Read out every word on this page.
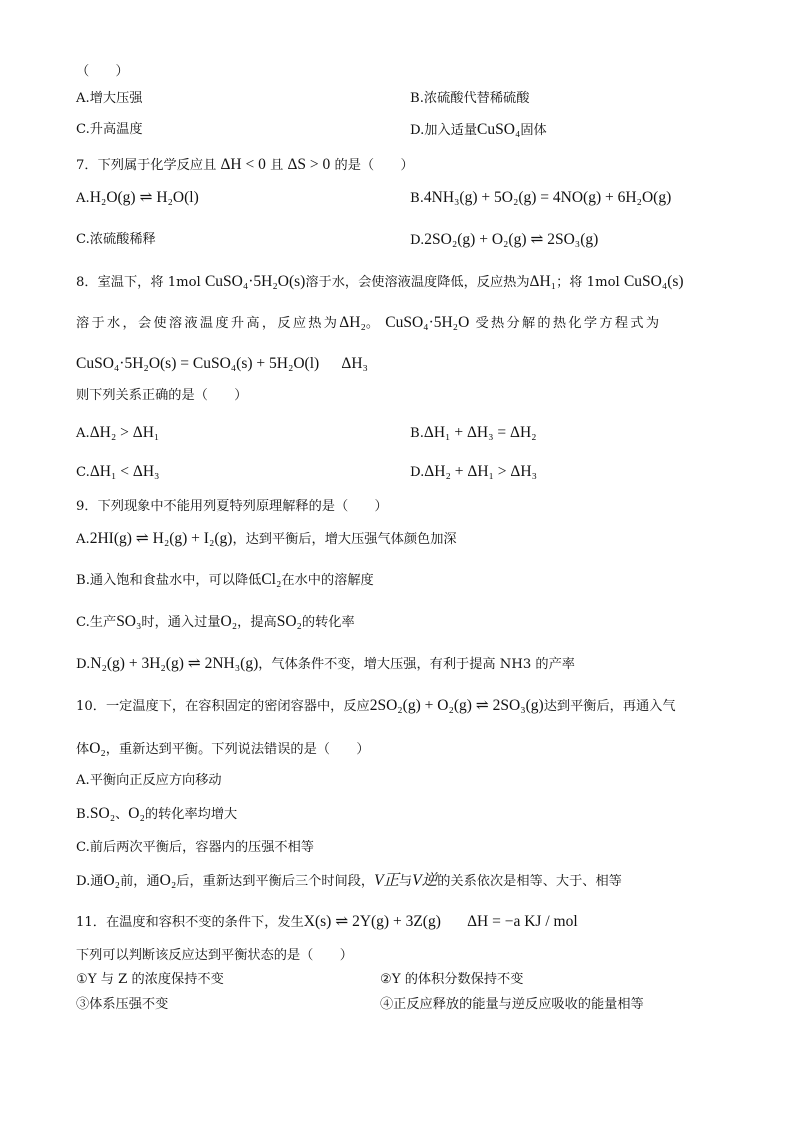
（　　）
A.增大压强	B.浓硫酸代替稀硫酸
C.升高温度	D.加入适量CuSO₄固体
7．下列属于化学反应且 ΔH < 0 且 ΔS > 0 的是（　　）
A.H₂O(g) ⇌ H₂O(l)	B.4NH₃(g) + 5O₂(g) = 4NO(g) + 6H₂O(g)
C.浓硫酸稀释	D.2SO₂(g) + O₂(g) ⇌ 2SO₃(g)
8．室温下，将 1mol CuSO₄·5H₂O(s)溶于水，会使溶液温度降低，反应热为ΔH₁；将 1mol CuSO₄(s)
溶于水，会使溶液温度升高，反应热为ΔH₂。 CuSO₄·5H₂O 受热分解的热化学方程式为
CuSO₄·5H₂O(s) = CuSO₄(s) + 5H₂O(l) ΔH₃
则下列关系正确的是（　　）
A.ΔH₂ > ΔH₁	B.ΔH₁ + ΔH₃ = ΔH₂
C.ΔH₁ < ΔH₃	D.ΔH₂ + ΔH₁ > ΔH₃
9．下列现象中不能用列夏特列原理解释的是（　　）
A.2HI(g) ⇌ H₂(g) + I₂(g)，达到平衡后，增大压强气体颜色加深
B.通入饱和食盐水中，可以降低Cl₂在水中的溶解度
C.生产SO₃时，通入过量O₂，提高SO₂的转化率
D.N₂(g) + 3H₂(g) ⇌ 2NH₃(g)，气体条件不变，增大压强，有利于提高 NH3 的产率
10．一定温度下，在容积固定的密闭容器中，反应2SO₂(g) + O₂(g) ⇌ 2SO₃(g)达到平衡后，再通入气
体O₂，重新达到平衡。下列说法错误的是（　　）
A.平衡向正反应方向移动
B.SO₂、O₂的转化率均增大
C.前后两次平衡后，容器内的压强不相等
D.通O₂前，通O₂后，重新达到平衡后三个时间段，V正与V逆的关系依次是相等、大于、相等
11．在温度和容积不变的条件下，发生X(s) ⇌ 2Y(g) + 3Z(g) ΔH = −a KJ / mol
下列可以判断该反应达到平衡状态的是（　　）
①Y 与 Z 的浓度保持不变	②Y 的体积分数保持不变
③体系压强不变	④正反应释放的能量与逆反应吸收的能量相等
